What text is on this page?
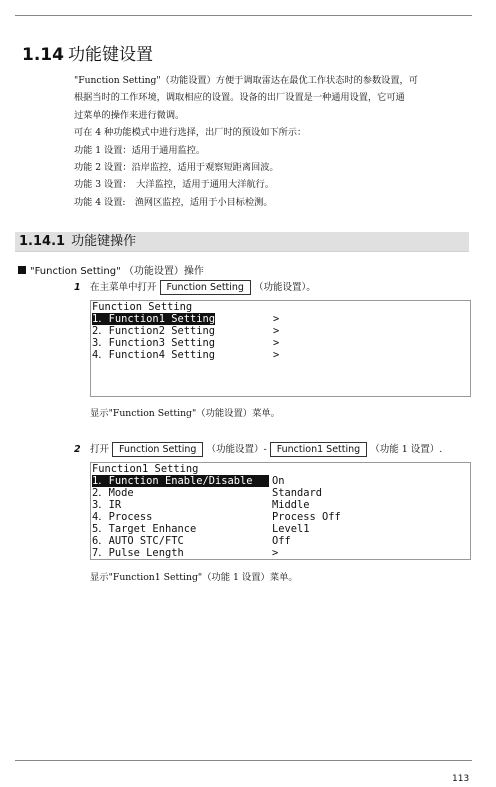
1.14 功能键设置

"Function Setting"（功能设置）方便于调取雷达在最优工作状态时的参数设置，可

根据当时的工作环境，调取相应的设置。设备的出厂设置是一种通用设置，它可通

过菜单的操作来进行微调。

可在 4 种功能模式中进行选择，出厂时的预设如下所示：

功能 1 设置：适用于通用监控。

功能 2 设置：沿岸监控，适用于观察短距离回波。

功能 3 设置：　大洋监控，适用于通用大洋航行。

功能 4 设置:　渔网区监控，适用于小目标检测。

1.14.1 功能键操作
"Function Setting" （功能设置）操作
1 在主菜单中打开 Function Setting （功能设置）。
Function Setting
1．Function1 Setting	>
2．Function2 Setting	>
3．Function3 Setting	>
4．Function4 Setting	>
显示"Function Setting"（功能设置）菜单。
2 打开 Function Setting （功能设置）- Function1 Setting （功能 1 设置）.
Function1 Setting
1．Function Enable/Disable	On
2．Mode	Standard
3．IR	Middle
4．Process	Process Off
5．Target Enhance	Level1
6．AUTO STC/FTC	Off
7．Pulse Length	>
显示"Function1 Setting"（功能 1 设置）菜单。
113
